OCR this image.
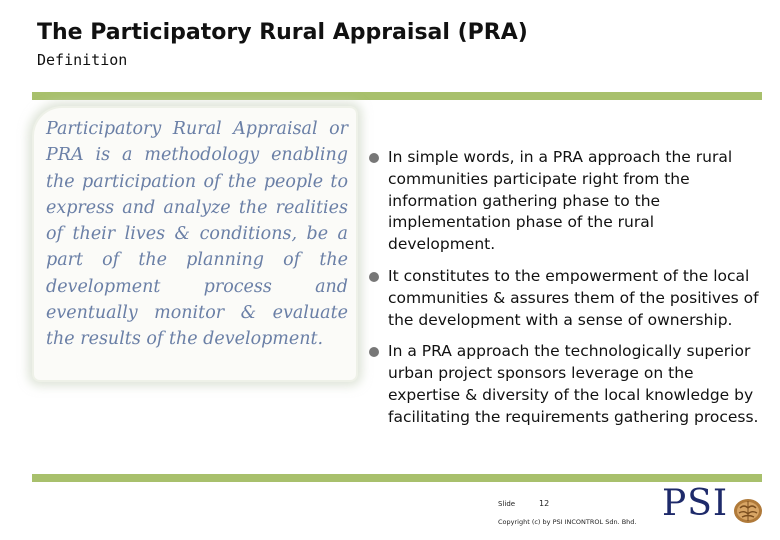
The Participatory Rural Appraisal (PRA)
Definition
Participatory Rural Appraisal or PRA is a methodology enabling the participation of the people to express and analyze the realities of their lives & conditions, be a part of the planning of the development process and eventually monitor & evaluate the results of the development.
In simple words, in a PRA approach the rural communities participate right from the information gathering phase to the implementation phase of the rural development.
It constitutes to the empowerment of the local communities & assures them of the positives of the development with a sense of ownership.
In a PRA approach the technologically superior urban project sponsors leverage on the expertise & diversity of the local knowledge by facilitating the requirements gathering process.
Slide	12
Copyright (c) by PSI INCONTROL Sdn. Bhd. PSI
